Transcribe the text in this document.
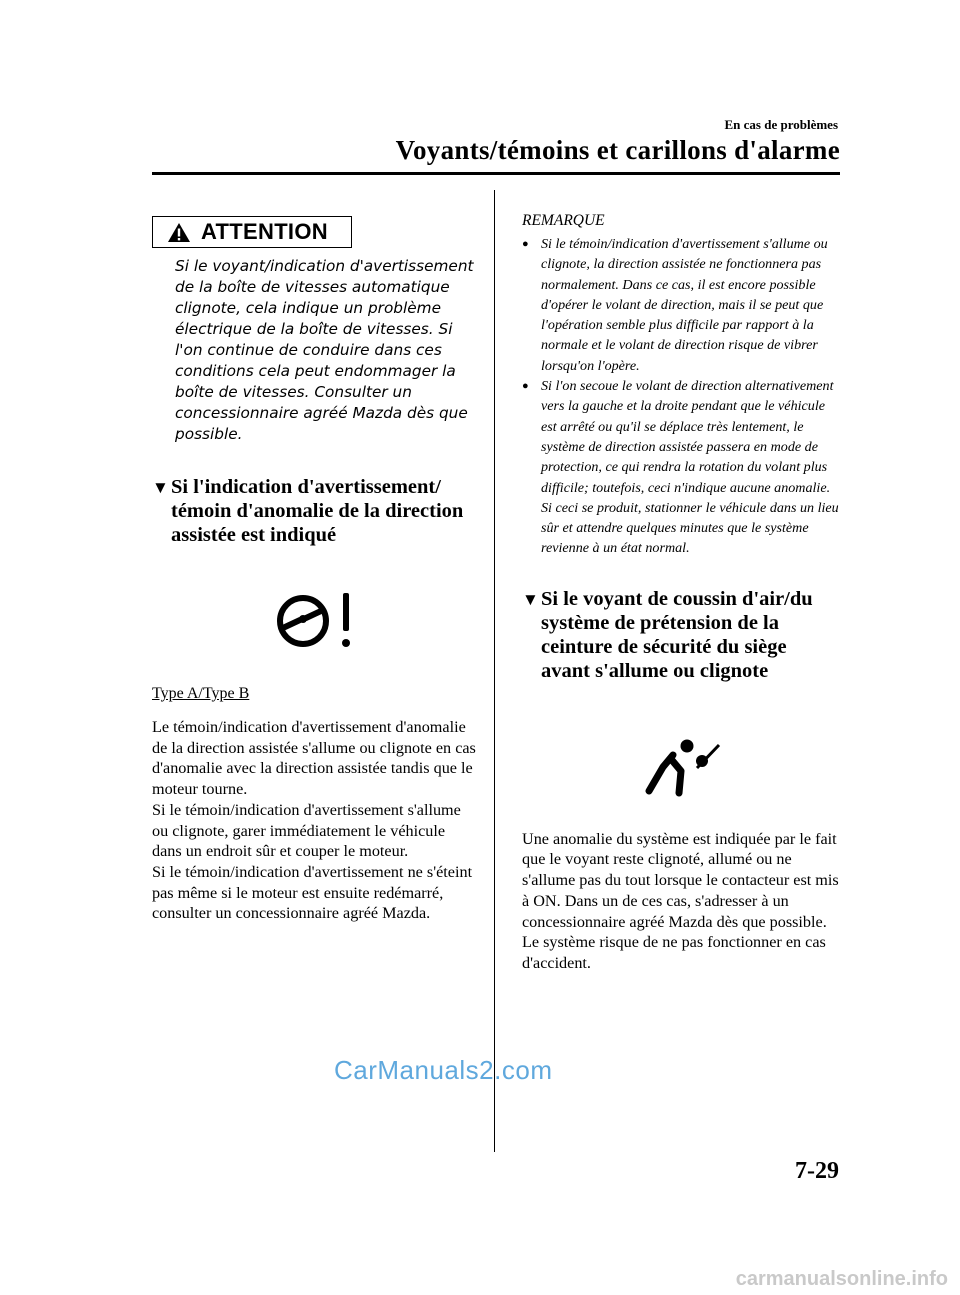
En cas de problèmes
Voyants/témoins et carillons d'alarme
ATTENTION
Si le voyant/indication d'avertissement de la boîte de vitesses automatique clignote, cela indique un problème électrique de la boîte de vitesses. Si l'on continue de conduire dans ces conditions cela peut endommager la boîte de vitesses. Consulter un concessionnaire agréé Mazda dès que possible.
▼ Si l'indication d'avertissement/ témoin d'anomalie de la direction assistée est indiqué
Type A/Type B

Le témoin/indication d'avertissement d'anomalie de la direction assistée s'allume ou clignote en cas d'anomalie avec la direction assistée tandis que le moteur tourne.

Si le témoin/indication d'avertissement s'allume ou clignote, garer immédiatement le véhicule dans un endroit sûr et couper le moteur.

Si le témoin/indication d'avertissement ne s'éteint pas même si le moteur est ensuite redémarré, consulter un concessionnaire agréé Mazda.

REMARQUE
● Si le témoin/indication d'avertissement s'allume ou clignote, la direction assistée ne fonctionnera pas normalement. Dans ce cas, il est encore possible d'opérer le volant de direction, mais il se peut que l'opération semble plus difficile par rapport à la normale et le volant de direction risque de vibrer lorsqu'on l'opère.
● Si l'on secoue le volant de direction alternativement vers la gauche et la droite pendant que le véhicule est arrêté ou qu'il se déplace très lentement, le système de direction assistée passera en mode de protection, ce qui rendra la rotation du volant plus difficile; toutefois, ceci n'indique aucune anomalie. Si ceci se produit, stationner le véhicule dans un lieu sûr et attendre quelques minutes que le système revienne à un état normal.
▼ Si le voyant de coussin d'air/du système de prétension de la ceinture de sécurité du siège avant s'allume ou clignote

Une anomalie du système est indiquée par le fait que le voyant reste clignoté, allumé ou ne s'allume pas du tout lorsque le contacteur est mis à ON. Dans un de ces cas, s'adresser à un concessionnaire agréé Mazda dès que possible. Le système risque de ne pas fonctionner en cas d'accident.

7-29
CarManuals2.com
carmanualsonline.info
